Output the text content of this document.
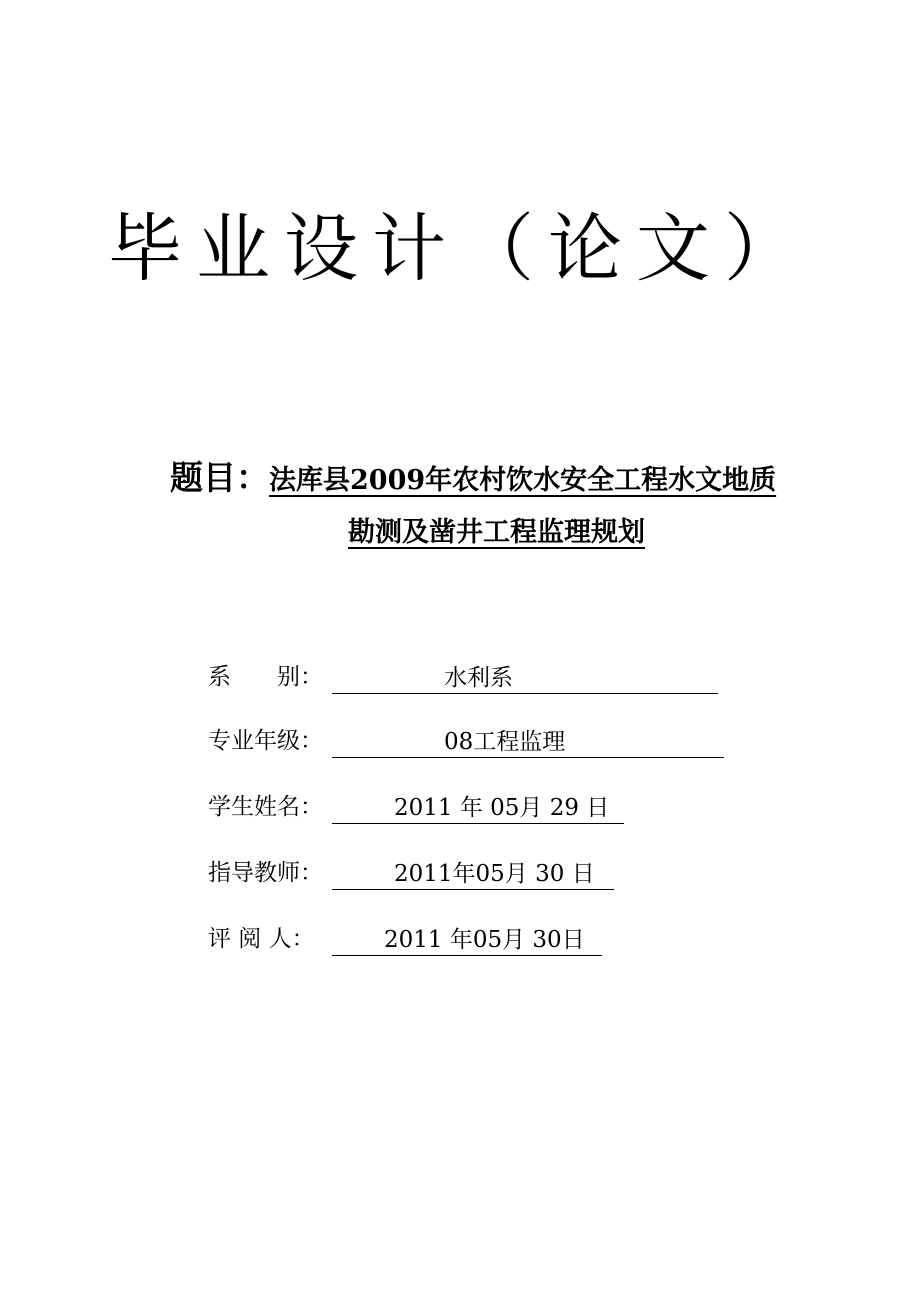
毕业设计（论文）
题目：法库县2009年农村饮水安全工程水文地质
勘测及凿井工程监理规划
系　　别：	水利系
专业年级：	08工程监理
学生姓名：	2011 年 05月 29 日
指导教师：	2011年05月 30 日
评 阅 人：	2011 年05月 30日
